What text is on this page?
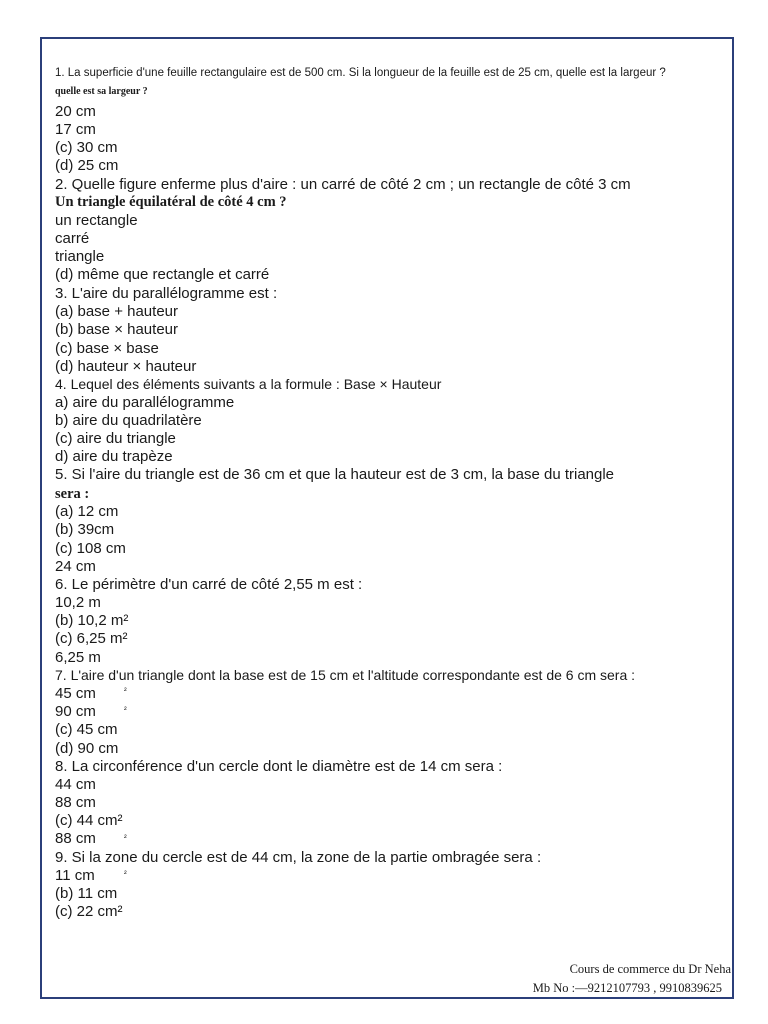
1. La superficie d'une feuille rectangulaire est de 500 cm. Si la longueur de la feuille est de 25 cm, quelle est la largeur ?
quelle est sa largeur ?
20 cm
17 cm
(c) 30 cm
(d) 25 cm
2. Quelle figure enferme plus d'aire : un carré de côté 2 cm ; un rectangle de côté 3 cm
Un triangle équilatéral de côté 4 cm ?
un rectangle
carré
triangle
(d) même que rectangle et carré
3. L'aire du parallélogramme est :
(a) base + hauteur
(b) base × hauteur
(c) base × base
(d) hauteur × hauteur
4. Lequel des éléments suivants a la formule : Base × Hauteur
a) aire du parallélogramme
b) aire du quadrilatère
(c) aire du triangle
d) aire du trapèze
5. Si l'aire du triangle est de 36 cm et que la hauteur est de 3 cm, la base du triangle
sera :
(a) 12 cm
(b) 39cm
(c) 108 cm
24 cm
6. Le périmètre d'un carré de côté 2,55 m est :
10,2 m
(b) 10,2 m²
(c) 6,25 m²
6,25 m
7. L'aire d'un triangle dont la base est de 15 cm et l'altitude correspondante est de 6 cm sera :
45 cm	²
90 cm	²
(c) 45 cm
(d) 90 cm
8. La circonférence d'un cercle dont le diamètre est de 14 cm sera :
44 cm
88 cm
(c) 44 cm²
88 cm	²
9. Si la zone du cercle est de 44 cm, la zone de la partie ombragée sera :
11 cm	²
(b) 11 cm
(c) 22 cm²
Cours de commerce du Dr Neha
Mb No :—9212107793 , 9910839625
